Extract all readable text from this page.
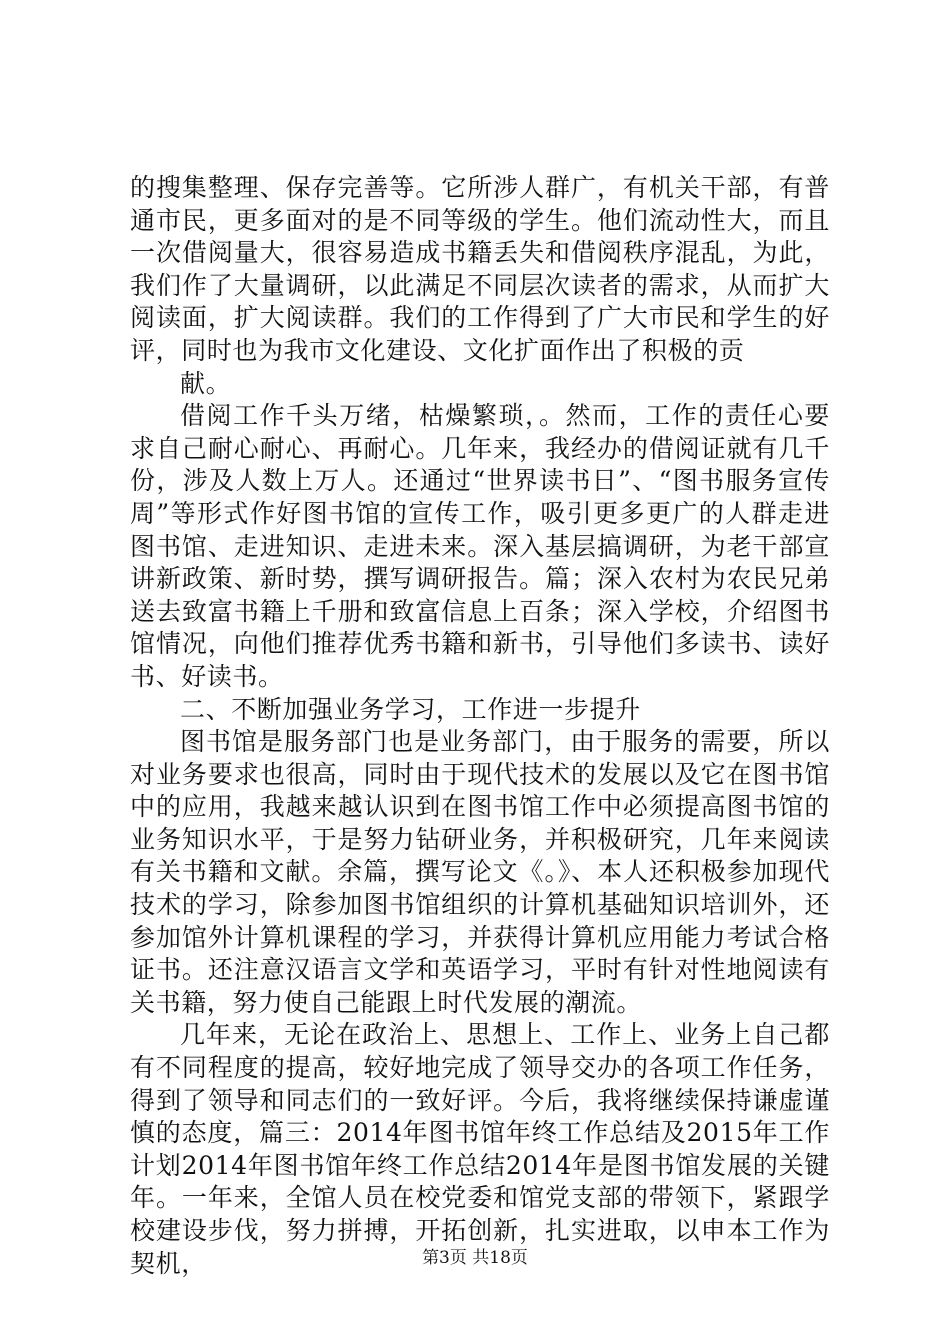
的搜集整理、保存完善等。它所涉人群广，有机关干部，有普通市民，更多面对的是不同等级的学生。他们流动性大，而且一次借阅量大，很容易造成书籍丢失和借阅秩序混乱，为此，我们作了大量调研，以此满足不同层次读者的需求，从而扩大阅读面，扩大阅读群。我们的工作得到了广大市民和学生的好评，同时也为我市文化建设、文化扩面作出了积极的贡

献。

借阅工作千头万绪，枯燥繁琐，。然而，工作的责任心要求自己耐心耐心、再耐心。几年来，我经办的借阅证就有几千份，涉及人数上万人。还通过“世界读书日”、“图书服务宣传周”等形式作好图书馆的宣传工作，吸引更多更广的人群走进图书馆、走进知识、走进未来。深入基层搞调研，为老干部宣讲新政策、新时势，撰写调研报告。篇；深入农村为农民兄弟送去致富书籍上千册和致富信息上百条；深入学校，介绍图书馆情况，向他们推荐优秀书籍和新书，引导他们多读书、读好书、好读书。

二、不断加强业务学习，工作进一步提升

图书馆是服务部门也是业务部门，由于服务的需要，所以对业务要求也很高，同时由于现代技术的发展以及它在图书馆中的应用，我越来越认识到在图书馆工作中必须提高图书馆的业务知识水平，于是努力钻研业务，并积极研究，几年来阅读有关书籍和文献。余篇，撰写论文《。》、本人还积极参加现代技术的学习，除参加图书馆组织的计算机基础知识培训外，还参加馆外计算机课程的学习，并获得计算机应用能力考试合格证书。还注意汉语言文学和英语学习，平时有针对性地阅读有关书籍，努力使自己能跟上时代发展的潮流。

几年来，无论在政治上、思想上、工作上、业务上自己都有不同程度的提高，较好地完成了领导交办的各项工作任务，得到了领导和同志们的一致好评。今后，我将继续保持谦虚谨慎的态度，篇三：2014年图书馆年终工作总结及2015年工作计划2014年图书馆年终工作总结2014年是图书馆发展的关键年。一年来，全馆人员在校党委和馆党支部的带领下，紧跟学校建设步伐，努力拼搏，开拓创新，扎实进取，以申本工作为契机，	第3页 共18页
